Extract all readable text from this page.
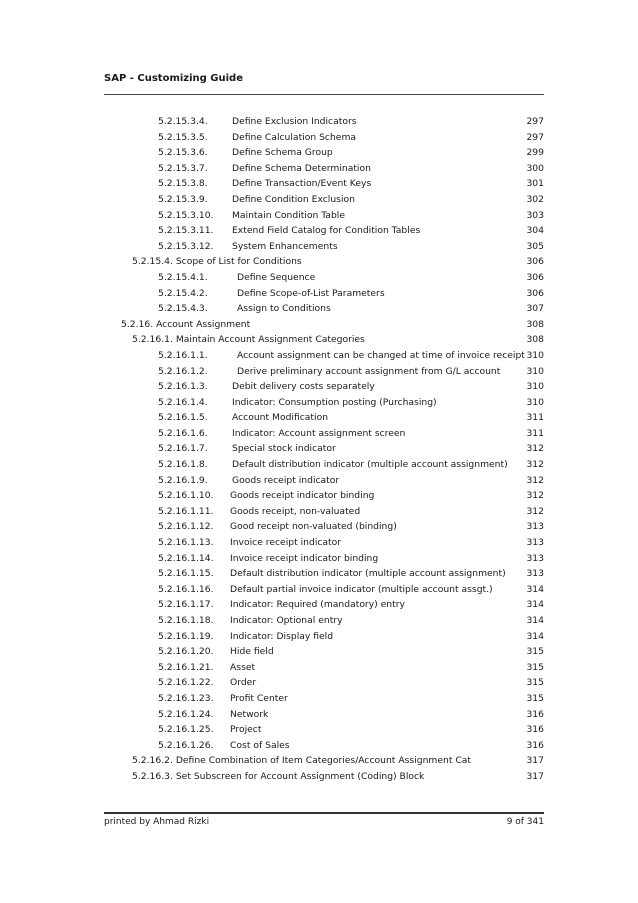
SAP - Customizing Guide
5.2.15.3.4.	Define Exclusion Indicators	297
5.2.15.3.5.	Define Calculation Schema	297
5.2.15.3.6.	Define Schema Group	299
5.2.15.3.7.	Define Schema Determination	300
5.2.15.3.8.	Define Transaction/Event Keys	301
5.2.15.3.9.	Define Condition Exclusion	302
5.2.15.3.10. Maintain Condition Table	303
5.2.15.3.11. Extend Field Catalog for Condition Tables	304
5.2.15.3.12. System Enhancements	305
5.2.15.4. Scope of List for Conditions	306
5.2.15.4.1.	Define Sequence	306
5.2.15.4.2.	Define Scope-of-List Parameters	306
5.2.15.4.3.	Assign to Conditions	307
5.2.16. Account Assignment	308
5.2.16.1. Maintain Account Assignment Categories	308
5.2.16.1.1.	Account assignment can be changed at time of invoice receipt 310
5.2.16.1.2.	Derive preliminary account assignment from G/L account	310
5.2.16.1.3.	Debit delivery costs separately	310
5.2.16.1.4.	Indicator: Consumption posting (Purchasing)	310
5.2.16.1.5.	Account Modification	311
5.2.16.1.6.	Indicator: Account assignment screen	311
5.2.16.1.7.	Special stock indicator	312
5.2.16.1.8.	Default distribution indicator (multiple account assignment) 312
5.2.16.1.9.	Goods receipt indicator	312
5.2.16.1.10. Goods receipt indicator binding	312
5.2.16.1.11. Goods receipt, non-valuated	312
5.2.16.1.12. Good receipt non-valuated (binding)	313
5.2.16.1.13. Invoice receipt indicator	313
5.2.16.1.14. Invoice receipt indicator binding	313
5.2.16.1.15. Default distribution indicator (multiple account assignment) 313
5.2.16.1.16. Default partial invoice indicator (multiple account assgt.)	314
5.2.16.1.17. Indicator: Required (mandatory) entry	314
5.2.16.1.18. Indicator: Optional entry	314
5.2.16.1.19. Indicator: Display field	314
5.2.16.1.20. Hide field	315
5.2.16.1.21. Asset	315
5.2.16.1.22. Order	315
5.2.16.1.23. Profit Center	315
5.2.16.1.24. Network	316
5.2.16.1.25. Project	316
5.2.16.1.26. Cost of Sales	316
5.2.16.2. Define Combination of Item Categories/Account Assignment Cat	317
5.2.16.3. Set Subscreen for Account Assignment (Coding) Block	317
printed by Ahmad Rizki	9 of 341
